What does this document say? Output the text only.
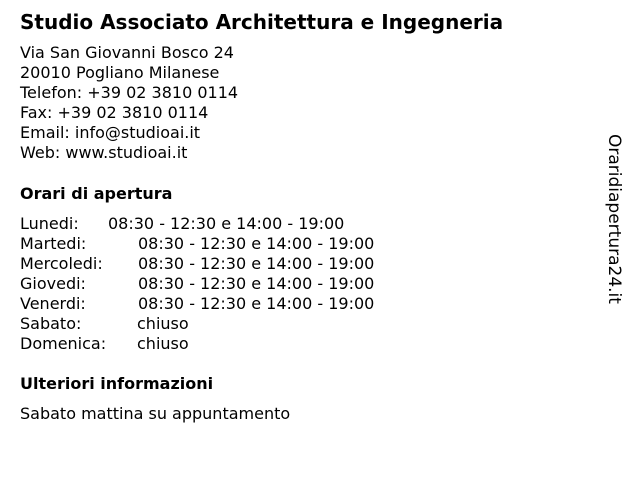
Studio Associato Architettura e Ingegneria
Via San Giovanni Bosco 24
20010 Pogliano Milanese
Telefon: +39 02 3810 0114
Fax: +39 02 3810 0114
Email: info@studioai.it
Web: www.studioai.it
Orari di apertura
Lunedi: 08:30 - 12:30 e 14:00 - 19:00
Martedi:	08:30 - 12:30 e 14:00 - 19:00
Mercoledi: 08:30 - 12:30 e 14:00 - 19:00
Giovedi:	08:30 - 12:30 e 14:00 - 19:00
Venerdi:	08:30 - 12:30 e 14:00 - 19:00
Sabato:	chiuso
Domenica: chiuso
Ulteriori informazioni
Sabato mattina su appuntamento
Oraridiapertura24.it
